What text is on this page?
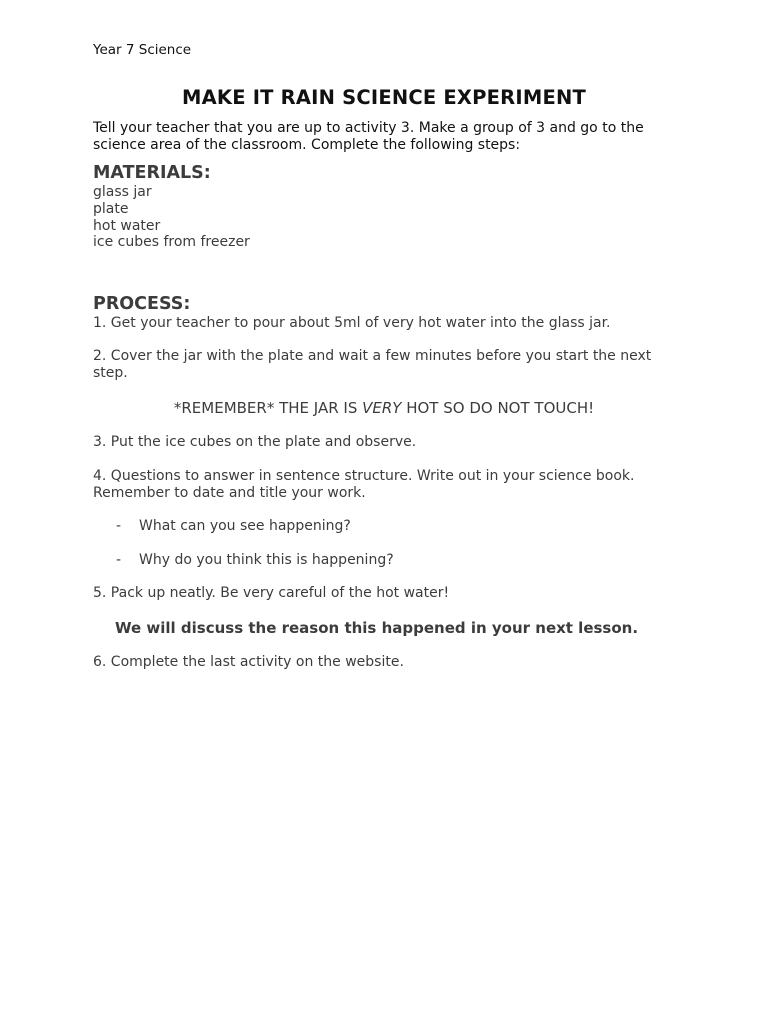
Year 7 Science
MAKE IT RAIN SCIENCE EXPERIMENT
Tell your teacher that you are up to activity 3. Make a group of 3 and go to the science area of the classroom. Complete the following steps:
MATERIALS:
glass jar
plate
hot water
ice cubes from freezer
PROCESS:
1. Get your teacher to pour about 5ml of very hot water into the glass jar.
2. Cover the jar with the plate and wait a few minutes before you start the next step.
*REMEMBER* THE JAR IS VERY HOT SO DO NOT TOUCH!
3. Put the ice cubes on the plate and observe.
4. Questions to answer in sentence structure. Write out in your science book. Remember to date and title your work.
- What can you see happening?
- Why do you think this is happening?
5. Pack up neatly. Be very careful of the hot water!
We will discuss the reason this happened in your next lesson.
6. Complete the last activity on the website.
